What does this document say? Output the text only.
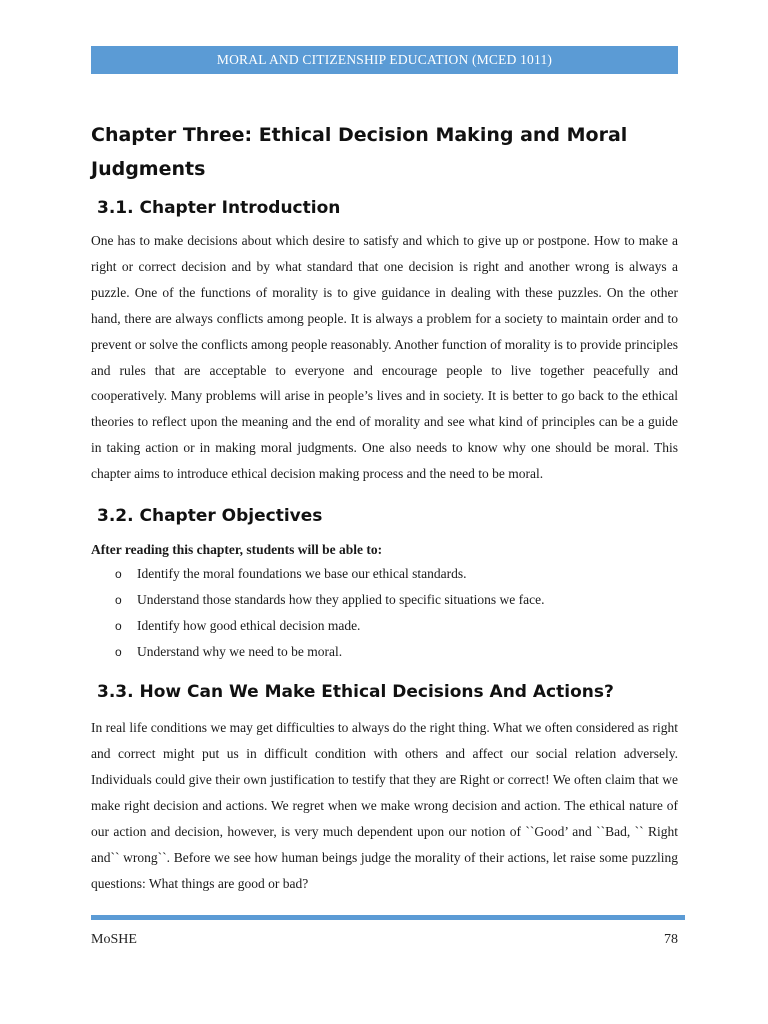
MORAL AND CITIZENSHIP EDUCATION (MCED 1011)
Chapter Three: Ethical Decision Making and Moral Judgments
3.1. Chapter Introduction

One has to make decisions about which desire to satisfy and which to give up or postpone. How to make a right or correct decision and by what standard that one decision is right and another wrong is always a puzzle. One of the functions of morality is to give guidance in dealing with these puzzles. On the other hand, there are always conflicts among people. It is always a problem for a society to maintain order and to prevent or solve the conflicts among people reasonably. Another function of morality is to provide principles and rules that are acceptable to everyone and encourage people to live together peacefully and cooperatively. Many problems will arise in people’s lives and in society. It is better to go back to the ethical theories to reflect upon the meaning and the end of morality and see what kind of principles can be a guide in taking action or in making moral judgments. One also needs to know why one should be moral. This chapter aims to introduce ethical decision making process and the need to be moral.

3.2. Chapter Objectives

After reading this chapter, students will be able to:

o	Identify the moral foundations we base our ethical standards.
o	Understand those standards how they applied to specific situations we face.
o	Identify how good ethical decision made.
o	Understand why we need to be moral.
3.3. How Can We Make Ethical Decisions And Actions?

In real life conditions we may get difficulties to always do the right thing. What we often considered as right and correct might put us in difficult condition with others and affect our social relation adversely. Individuals could give their own justification to testify that they are Right or correct! We often claim that we make right decision and actions. We regret when we make wrong decision and action. The ethical nature of our action and decision, however, is very much dependent upon our notion of ``Good’ and ``Bad, `` Right and`` wrong``. Before we see how human beings judge the morality of their actions, let raise some puzzling questions: What things are good or bad?

MoSHE	78
